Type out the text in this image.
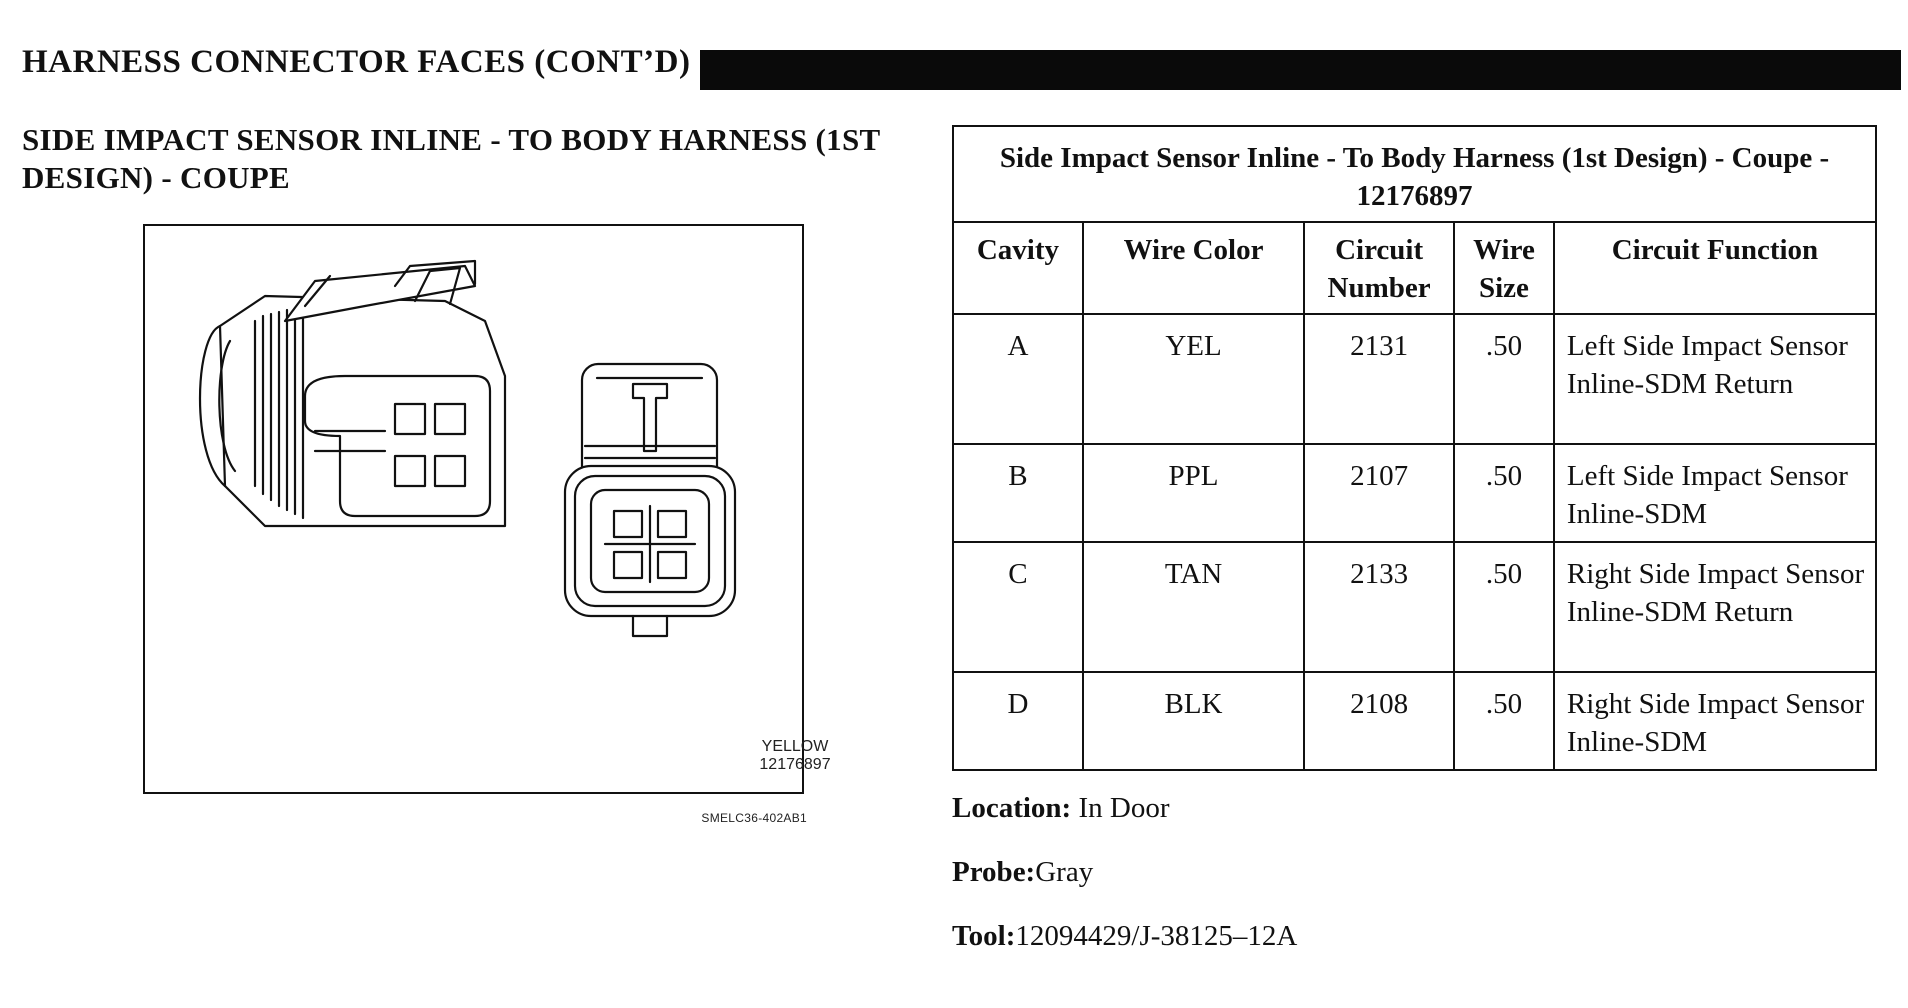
HARNESS CONNECTOR FACES (CONT’D)
SIDE IMPACT SENSOR INLINE - TO BODY HARNESS (1ST DESIGN) - COUPE
YELLOW
12176897
SMELC36-402AB1
Side Impact Sensor Inline - To Body Harness (1st Design) - Coupe - 12176897				
Cavity	Wire Color	Circuit Number	Wire Size	Circuit Function
A	YEL	2131	.50	Left Side Impact Sensor Inline-SDM Return
B	PPL	2107	.50	Left Side Impact Sensor Inline-SDM
C	TAN	2133	.50	Right Side Impact Sensor Inline-SDM Return
D	BLK	2108	.50	Right Side Impact Sensor Inline-SDM
Location: In Door
Probe:Gray
Tool:12094429/J-38125–12A
